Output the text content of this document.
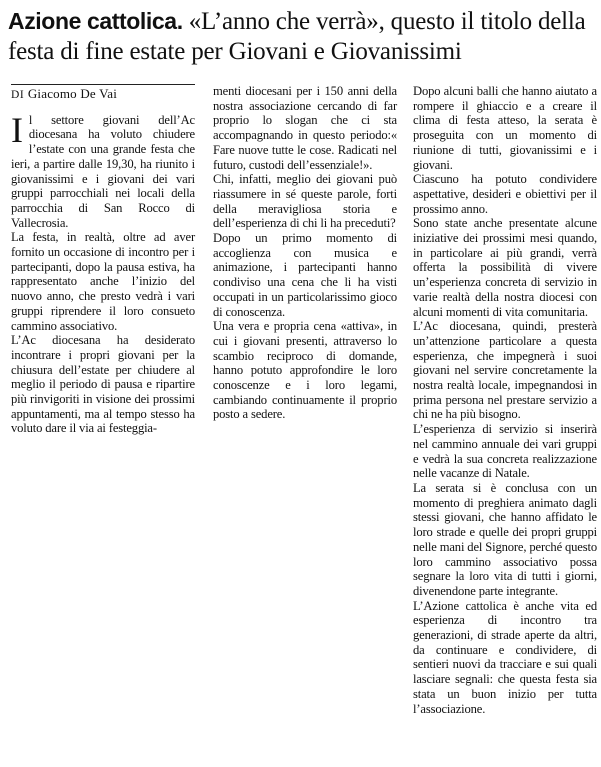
Azione cattolica. «L’anno che verrà», questo il titolo della festa di fine estate per Giovani e Giovanissimi
DI Giacomo De Vai

Il settore giovani dell’Ac diocesana ha voluto chiudere l’estate con una grande festa che ieri, a partire dalle 19,30, ha riunito i giovanissimi e i giovani dei vari gruppi parrocchiali nei locali della parrocchia di San Rocco di Vallecrosia.

La festa, in realtà, oltre ad aver fornito un occasione di incontro per i partecipanti, dopo la pausa estiva, ha rappresentato anche l’inizio del nuovo anno, che presto vedrà i vari gruppi riprendere il loro consueto cammino associativo.

L’Ac diocesana ha desiderato incontrare i propri giovani per la chiusura dell’estate per chiudere al meglio il periodo di pausa e ripartire più rinvigoriti in visione dei prossimi appuntamenti, ma al tempo stesso ha voluto dare il via ai festeggia-

menti diocesani per i 150 anni della nostra associazione cercando di far proprio lo slogan che ci sta accompagnando in questo periodo:« Fare nuove tutte le cose. Radicati nel futuro, custodi dell’essenziale!».

Chi, infatti, meglio dei giovani può riassumere in sé queste parole, forti della meravigliosa storia e dell’esperienza di chi li ha preceduti?

Dopo un primo momento di accoglienza con musica e animazione, i partecipanti hanno condiviso una cena che li ha visti occupati in un particolarissimo gioco di conoscenza.

Una vera e propria cena «attiva», in cui i giovani presenti, attraverso lo scambio reciproco di domande, hanno potuto approfondire le loro conoscenze e i loro legami, cambiando continuamente il proprio posto a sedere.

Dopo alcuni balli che hanno aiutato a rompere il ghiaccio e a creare il clima di festa atteso, la serata è proseguita con un momento di riunione di tutti, giovanissimi e i giovani.

Ciascuno ha potuto condividere aspettative, desideri e obiettivi per il prossimo anno.

Sono state anche presentate alcune iniziative dei prossimi mesi quando, in particolare ai più grandi, verrà offerta la possibilità di vivere un’esperienza concreta di servizio in varie realtà della nostra diocesi con alcuni momenti di vita comunitaria.

L’Ac diocesana, quindi, presterà un’attenzione particolare a questa esperienza, che impegnerà i suoi giovani nel servire concretamente la nostra realtà locale, impegnandosi in prima persona nel prestare servizio a chi ne ha più bisogno.

L’esperienza di servizio si inserirà nel cammino annuale dei vari gruppi e vedrà la sua concreta realizzazione nelle vacanze di Natale.

La serata si è conclusa con un momento di preghiera animato dagli stessi giovani, che hanno affidato le loro strade e quelle dei propri gruppi nelle mani del Signore, perché questo loro cammino associativo possa segnare la loro vita di tutti i giorni, divenendone parte integrante.

L’Azione cattolica è anche vita ed esperienza di incontro tra generazioni, di strade aperte da altri, da continuare e condividere, di sentieri nuovi da tracciare e sui quali lasciare segnali: che questa festa sia stata un buon inizio per tutta l’associazione.
